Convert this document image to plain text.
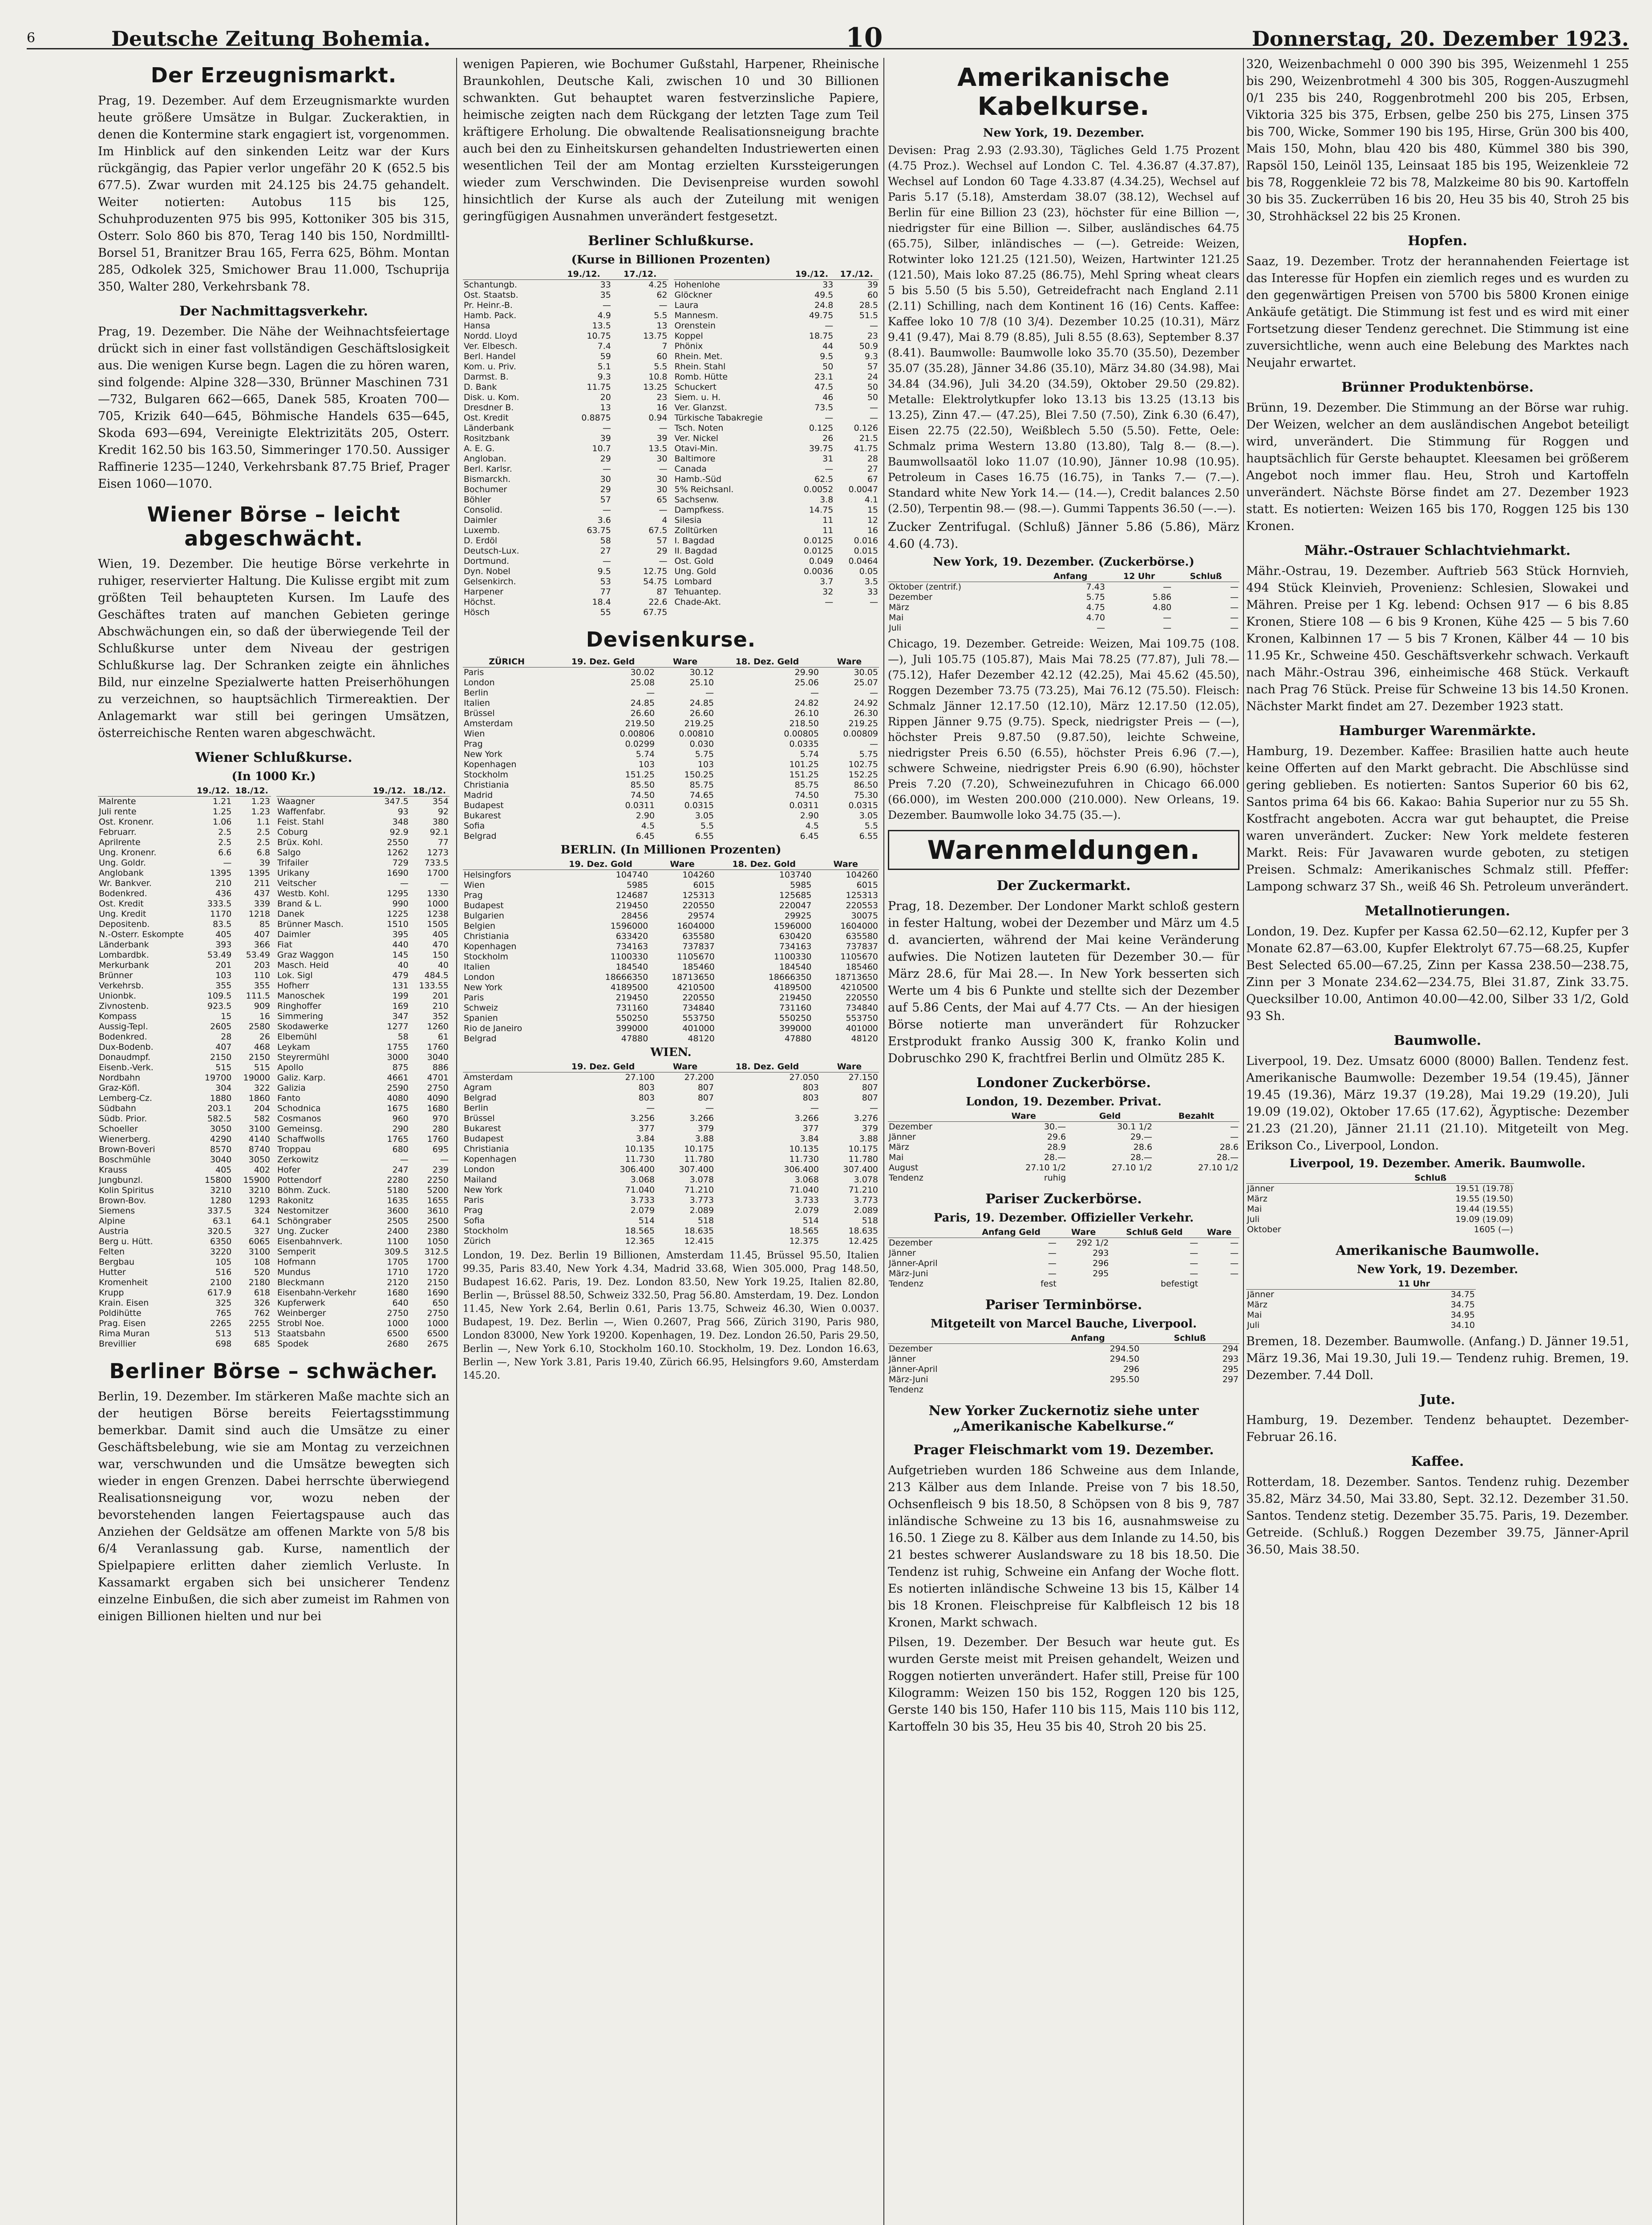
6	Deutsche Zeitung Bohemia.	10	Donnerstag, 20. Dezember 1923.
Der Erzeugnismarkt.

Prag, 19. Dezember. Auf dem Erzeugnismarkte wurden heute größere Umsätze in Bulgar. Zuckeraktien, in denen die Kontermine stark engagiert ist, vorgenommen. Im Hinblick auf den sinkenden Leitz war der Kurs rückgängig, das Papier verlor ungefähr 20 K (652.5 bis 677.5). Zwar wurden mit 24.125 bis 24.75 gehandelt. Weiter notierten: Autobus 115 bis 125, Schuhproduzenten 975 bis 995, Kottoniker 305 bis 315, Osterr. Solo 860 bis 870, Terag 140 bis 150, Nordmilltl-Borsel 51, Branitzer Brau 165, Ferra 625, Böhm. Montan 285, Odkolek 325, Smichower Brau 11.000, Tschuprija 350, Walter 280, Verkehrsbank 78.

Der Nachmittagsverkehr.

Prag, 19. Dezember. Die Nähe der Weihnachtsfeiertage drückt sich in einer fast vollständigen Geschäftslosigkeit aus. Die wenigen Kurse begn. Lagen die zu hören waren, sind folgende: Alpine 328—330, Brünner Maschinen 731—732, Bulgaren 662—665, Danek 585, Kroaten 700—705, Krizik 640—645, Böhmische Handels 635—645, Skoda 693—694, Vereinigte Elektrizitäts 205, Osterr. Kredit 162.50 bis 163.50, Simmeringer 170.50. Aussiger Raffinerie 1235—1240, Verkehrsbank 87.75 Brief, Prager Eisen 1060—1070.

Wiener Börse – leicht abgeschwächt.

Wien, 19. Dezember. Die heutige Börse verkehrte in ruhiger, reservierter Haltung. Die Kulisse ergibt mit zum größten Teil behaupteten Kursen. Im Laufe des Geschäftes traten auf manchen Gebieten geringe Abschwächungen ein, so daß der überwiegende Teil der Schlußkurse unter dem Niveau der gestrigen Schlußkurse lag. Der Schranken zeigte ein ähnliches Bild, nur einzelne Spezialwerte hatten Preiserhöhungen zu verzeichnen, so hauptsächlich Tirmereaktien. Der Anlagemarkt war still bei geringen Umsätzen, österreichische Renten waren abgeschwächt.

Wiener Schlußkurse.
(In 1000 Kr.)
	19./12.	18./12.
Malrente	1.21	1.23
Juli rente	1.25	1.23
Ost. Kronenr.	1.06	1.1
Februarr.	2.5	2.5
Aprilrente	2.5	2.5
Ung. Kronenr.	6.6	6.8
Ung. Goldr.	—	39
Anglobank	1395	1395
Wr. Bankver.	210	211
Bodenkred.	436	437
Ost. Kredit	333.5	339
Ung. Kredit	1170	1218
Depositenb.	83.5	85
N.-Osterr. Eskompte	405	407
Länderbank	393	366
Lombardbk.	53.49	53.49
Merkurbank	201	203
Brünner	103	110
Verkehrsb.	355	355
Unionbk.	109.5	111.5
Zivnostenb.	923.5	909
Kompass	15	16
Aussig-Tepl.	2605	2580
Bodenkred.	28	26
Dux-Bodenb.	407	468
Donaudmpf.	2150	2150
Eisenb.-Verk.	515	515
Nordbahn	19700	19000
Graz-Köfl.	304	322
Lemberg-Cz.	1880	1860
Südbahn	203.1	204
Südb. Prior.	582.5	582
Schoeller	3050	3100
Wienerberg.	4290	4140
Brown-Boveri	8570	8740
Boschmühle	3040	3050
Krauss	405	402
Jungbunzl.	15800	15900
Kolin Spiritus	3210	3210
Brown-Bov.	1280	1293
Siemens	337.5	324
Alpine	63.1	64.1
Austria	320.5	327
Berg u. Hütt.	6350	6065
Felten	3220	3100
Bergbau	105	108
Hutter	516	520
Kromenheit	2100	2180
Krupp	617.9	618
Krain. Eisen	325	326
Poldihütte	765	762
Prag. Eisen	2265	2255
Rima Muran	513	513
Brevillier	698	685
	19./12.	18./12.
Waagner	347.5	354
Waffenfabr.	93	92
Feist. Stahl	348	380
Coburg	92.9	92.1
Brüx. Kohl.	2550	77
Salgo	1262	1273
Trifailer	729	733.5
Urikany	1690	1700
Veitscher	—	—
Westb. Kohl.	1295	1330
Brand & L.	990	1000
Danek	1225	1238
Brünner Masch.	1510	1505
Daimler	395	405
Fiat	440	470
Graz Waggon	145	150
Masch. Heid	40	40
Lok. Sigl	479	484.5
Hofherr	131	133.55
Manoschek	199	201
Ringhoffer	169	210
Simmering	347	352
Skodawerke	1277	1260
Elbemühl	58	61
Leykam	1755	1760
Steyrermühl	3000	3040
Apollo	875	886
Galiz. Karp.	4661	4701
Galizia	2590	2750
Fanto	4080	4090
Schodnica	1675	1680
Cosmanos	960	970
Gemeinsg.	290	280
Schaffwolls	1765	1760
Troppau	680	695
Zerkowitz	—	—
Hofer	247	239
Pottendorf	2280	2250
Böhm. Zuck.	5180	5200
Rakonitz	1635	1655
Nestomitzer	3600	3610
Schöngraber	2505	2500
Ung. Zucker	2400	2380
Eisenbahnverk.	1100	1050
Semperit	309.5	312.5
Hofmann	1705	1700
Mundus	1710	1720
Bleckmann	2120	2150
Eisenbahn-Verkehr	1680	1690
Kupferwerk	640	650
Weinberger	2750	2750
Strobl Noe.	1000	1000
Staatsbahn	6500	6500
Spodek	2680	2675
Berliner Börse – schwächer.

Berlin, 19. Dezember. Im stärkeren Maße machte sich an der heutigen Börse bereits Feiertagsstimmung bemerkbar. Damit sind auch die Umsätze zu einer Geschäftsbelebung, wie sie am Montag zu verzeichnen war, verschwunden und die Umsätze bewegten sich wieder in engen Grenzen. Dabei herrschte überwiegend Realisationsneigung vor, wozu neben der bevorstehenden langen Feiertagspause auch das Anziehen der Geldsätze am offenen Markte von 5/8 bis 6/4 Veranlassung gab. Kurse, namentlich der Spielpapiere erlitten daher ziemlich Verluste. In Kassamarkt ergaben sich bei unsicherer Tendenz einzelne Einbußen, die sich aber zumeist im Rahmen von einigen Billionen hielten und nur bei

wenigen Papieren, wie Bochumer Gußstahl, Harpener, Rheinische Braunkohlen, Deutsche Kali, zwischen 10 und 30 Billionen schwankten. Gut behauptet waren festverzinsliche Papiere, heimische zeigten nach dem Rückgang der letzten Tage zum Teil kräftigere Erholung. Die obwaltende Realisationsneigung brachte auch bei den zu Einheitskursen gehandelten Industriewerten einen wesentlichen Teil der am Montag erzielten Kurssteigerungen wieder zum Verschwinden. Die Devisenpreise wurden sowohl hinsichtlich der Kurse als auch der Zuteilung mit wenigen geringfügigen Ausnahmen unverändert festgesetzt.

Berliner Schlußkurse.
(Kurse in Billionen Prozenten)
	19./12.	17./12.
Schantungb.	33	4.25
Ost. Staatsb.	35	62
Pr. Heinr.-B.	—	—
Hamb. Pack.	4.9	5.5
Hansa	13.5	13
Nordd. Lloyd	10.75	13.75
Ver. Elbesch.	7.4	7
Berl. Handel	59	60
Kom. u. Priv.	5.1	5.5
Darmst. B.	9.3	10.8
D. Bank	11.75	13.25
Disk. u. Kom.	20	23
Dresdner B.	13	16
Ost. Kredit	0.8875	0.94
Länderbank	—	—
Rositzbank	39	39
A. E. G.	10.7	13.5
Angloban.	29	30
Berl. Karlsr.	—	—
Bismarckh.	30	30
Bochumer	29	30
Böhler	57	65
Consolid.	—	—
Daimler	3.6	4
Luxemb.	63.75	67.5
D. Erdöl	58	57
Deutsch-Lux.	27	29
Dortmund.	—	—
Dyn. Nobel	9.5	12.75
Gelsenkirch.	53	54.75
Harpener	77	87
Höchst.	18.4	22.6
Hösch	55	67.75
	19./12.	17./12.
Hohenlohe	33	39
Glöckner	49.5	60
Laura	24.8	28.5
Mannesm.	49.75	51.5
Orenstein	—	—
Koppel	18.75	23
Phönix	44	50.9
Rhein. Met.	9.5	9.3
Rhein. Stahl	50	57
Romb. Hütte	23.1	24
Schuckert	47.5	50
Siem. u. H.	46	50
Ver. Glanzst.	73.5	—
Türkische Tabakregie	—	—
Tsch. Noten	0.125	0.126
Ver. Nickel	26	21.5
Otavi-Min.	39.75	41.75
Baltimore	31	28
Canada	—	27
Hamb.-Süd	62.5	67
5% Reichsanl.	0.0052	0.0047
Sachsenw.	3.8	4.1
Dampfkess.	14.75	15
Silesia	11	12
Zolltürken	11	16
I. Bagdad	0.0125	0.016
II. Bagdad	0.0125	0.015
Ost. Gold	0.049	0.0464
Ung. Gold	0.0036	0.05
Lombard	3.7	3.5
Tehuantep.	32	33
Chade-Akt.	—	—
Devisenkurse.
ZÜRICH	19. Dez. Geld	Ware	18. Dez. Geld	Ware
Paris	30.02	30.12	29.90	30.05
London	25.08	25.10	25.06	25.07
Berlin	—	—	—	—
Italien	24.85	24.85	24.82	24.92
Brüssel	26.60	26.60	26.10	26.30
Amsterdam	219.50	219.25	218.50	219.25
Wien	0.00806	0.00810	0.00805	0.00809
Prag	0.0299	0.030	0.0335	—
New York	5.74	5.75	5.74	5.75
Kopenhagen	103	103	101.25	102.75
Stockholm	151.25	150.25	151.25	152.25
Christiania	85.50	85.75	85.75	86.50
Madrid	74.50	74.65	74.50	75.30
Budapest	0.0311	0.0315	0.0311	0.0315
Bukarest	2.90	3.05	2.90	3.05
Sofia	4.5	5.5	4.5	5.5
Belgrad	6.45	6.55	6.45	6.55
BERLIN. (In Millionen Prozenten)
	19. Dez. Gold	Ware	18. Dez. Gold	Ware
Helsingfors	104740	104260	103740	104260
Wien	5985	6015	5985	6015
Prag	124687	125313	125685	125313
Budapest	219450	220550	220047	220553
Bulgarien	28456	29574	29925	30075
Belgien	1596000	1604000	1596000	1604000
Christiania	633420	635580	630420	635580
Kopenhagen	734163	737837	734163	737837
Stockholm	1100330	1105670	1100330	1105670
Italien	184540	185460	184540	185460
London	18666350	18713650	18666350	18713650
New York	4189500	4210500	4189500	4210500
Paris	219450	220550	219450	220550
Schweiz	731160	734840	731160	734840
Spanien	550250	553750	550250	553750
Rio de Janeiro	399000	401000	399000	401000
Belgrad	47880	48120	47880	48120
WIEN.
	19. Dez. Geld	Ware	18. Dez. Geld	Ware
Amsterdam	27.100	27.200	27.050	27.150
Agram	803	807	803	807
Belgrad	803	807	803	807
Berlin	—	—	—	—
Brüssel	3.256	3.266	3.266	3.276
Bukarest	377	379	377	379
Budapest	3.84	3.88	3.84	3.88
Christiania	10.135	10.175	10.135	10.175
Kopenhagen	11.730	11.780	11.730	11.780
London	306.400	307.400	306.400	307.400
Mailand	3.068	3.078	3.068	3.078
New York	71.040	71.210	71.040	71.210
Paris	3.733	3.773	3.733	3.773
Prag	2.079	2.089	2.079	2.089
Sofia	514	518	514	518
Stockholm	18.565	18.635	18.565	18.635
Zürich	12.365	12.415	12.375	12.425

London, 19. Dez. Berlin 19 Billionen, Amsterdam 11.45, Brüssel 95.50, Italien 99.35, Paris 83.40, New York 4.34, Madrid 33.68, Wien 305.000, Prag 148.50, Budapest 16.62. Paris, 19. Dez. London 83.50, New York 19.25, Italien 82.80, Berlin —, Brüssel 88.50, Schweiz 332.50, Prag 56.80. Amsterdam, 19. Dez. London 11.45, New York 2.64, Berlin 0.61, Paris 13.75, Schweiz 46.30, Wien 0.0037. Budapest, 19. Dez. Berlin —, Wien 0.2607, Prag 566, Zürich 3190, Paris 980, London 83000, New York 19200. Kopenhagen, 19. Dez. London 26.50, Paris 29.50, Berlin —, New York 6.10, Stockholm 160.10. Stockholm, 19. Dez. London 16.63, Berlin —, New York 3.81, Paris 19.40, Zürich 66.95, Helsingfors 9.60, Amsterdam 145.20.

Amerikanische Kabelkurse.
New York, 19. Dezember.

Devisen: Prag 2.93 (2.93.30), Tägliches Geld 1.75 Prozent (4.75 Proz.). Wechsel auf London C. Tel. 4.36.87 (4.37.87), Wechsel auf London 60 Tage 4.33.87 (4.34.25), Wechsel auf Paris 5.17 (5.18), Amsterdam 38.07 (38.12), Wechsel auf Berlin für eine Billion 23 (23), höchster für eine Billion —, niedrigster für eine Billion —. Silber, ausländisches 64.75 (65.75), Silber, inländisches — (—). Getreide: Weizen, Rotwinter loko 121.25 (121.50), Weizen, Hartwinter 121.25 (121.50), Mais loko 87.25 (86.75), Mehl Spring wheat clears 5 bis 5.50 (5 bis 5.50), Getreidefracht nach England 2.11 (2.11) Schilling, nach dem Kontinent 16 (16) Cents. Kaffee: Kaffee loko 10 7/8 (10 3/4). Dezember 10.25 (10.31), März 9.41 (9.47), Mai 8.79 (8.85), Juli 8.55 (8.63), September 8.37 (8.41). Baumwolle: Baumwolle loko 35.70 (35.50), Dezember 35.07 (35.28), Jänner 34.86 (35.10), März 34.80 (34.98), Mai 34.84 (34.96), Juli 34.20 (34.59), Oktober 29.50 (29.82). Metalle: Elektrolytkupfer loko 13.13 bis 13.25 (13.13 bis 13.25), Zinn 47.— (47.25), Blei 7.50 (7.50), Zink 6.30 (6.47), Eisen 22.75 (22.50), Weißblech 5.50 (5.50). Fette, Oele: Schmalz prima Western 13.80 (13.80), Talg 8.— (8.—). Baumwollsaatöl loko 11.07 (10.90), Jänner 10.98 (10.95). Petroleum in Cases 16.75 (16.75), in Tanks 7.— (7.—). Standard white New York 14.— (14.—), Credit balances 2.50 (2.50), Terpentin 98.— (98.—). Gummi Tappents 36.50 (—.—).

Zucker Zentrifugal. (Schluß) Jänner 5.86 (5.86), März 4.60 (4.73).

New York, 19. Dezember. (Zuckerbörse.)
	Anfang	12 Uhr	Schluß
Oktober (zentrif.)	7.43	—	—
Dezember	5.75	5.86	—
März	4.75	4.80	—
Mai	4.70	—	—
Juli	—	—	—

Chicago, 19. Dezember. Getreide: Weizen, Mai 109.75 (108.—), Juli 105.75 (105.87), Mais Mai 78.25 (77.87), Juli 78.— (75.12), Hafer Dezember 42.12 (42.25), Mai 45.62 (45.50), Roggen Dezember 73.75 (73.25), Mai 76.12 (75.50). Fleisch: Schmalz Jänner 12.17.50 (12.10), März 12.17.50 (12.05), Rippen Jänner 9.75 (9.75). Speck, niedrigster Preis — (—), höchster Preis 9.87.50 (9.87.50), leichte Schweine, niedrigster Preis 6.50 (6.55), höchster Preis 6.96 (7.—), schwere Schweine, niedrigster Preis 6.90 (6.90), höchster Preis 7.20 (7.20), Schweinezufuhren in Chicago 66.000 (66.000), im Westen 200.000 (210.000). New Orleans, 19. Dezember. Baumwolle loko 34.75 (35.—).

Warenmeldungen.
Der Zuckermarkt.

Prag, 18. Dezember. Der Londoner Markt schloß gestern in fester Haltung, wobei der Dezember und März um 4.5 d. avancierten, während der Mai keine Veränderung aufwies. Die Notizen lauteten für Dezember 30.— für März 28.6, für Mai 28.—. In New York besserten sich Werte um 4 bis 6 Punkte und stellte sich der Dezember auf 5.86 Cents, der Mai auf 4.77 Cts. — An der hiesigen Börse notierte man unverändert für Rohzucker Erstprodukt franko Aussig 300 K, franko Kolin und Dobruschko 290 K, frachtfrei Berlin und Olmütz 285 K.

Londoner Zuckerbörse.
London, 19. Dezember. Privat.
	Ware	Geld	Bezahlt
Dezember	30.—	30.1 1/2	—
Jänner	29.6	29.—	—
März	28.9	28.6	28.6
Mai	28.—	28.—	28.—
August	27.10 1/2	27.10 1/2	27.10 1/2
Tendenz	ruhig		
Pariser Zuckerbörse.
Paris, 19. Dezember. Offizieller Verkehr.
	Anfang Geld	Ware	Schluß Geld	Ware
Dezember	—	292 1/2	—	—
Jänner	—	293	—	—
Jänner-April	—	296	—	—
März-Juni	—	295	—	—
Tendenz	fest		befestigt	
Pariser Terminbörse.
Mitgeteilt von Marcel Bauche, Liverpool.
	Anfang	Schluß
Dezember	294.50	294
Jänner	294.50	293
Jänner-April	296	295
März-Juni	295.50	297
Tendenz		
New Yorker Zuckernotiz siehe unter „Amerikanische Kabelkurse.“
Prager Fleischmarkt vom 19. Dezember.

Aufgetrieben wurden 186 Schweine aus dem Inlande, 213 Kälber aus dem Inlande. Preise von 7 bis 18.50, Ochsenfleisch 9 bis 18.50, 8 Schöpsen von 8 bis 9, 787 inländische Schweine zu 13 bis 16, ausnahmsweise zu 16.50. 1 Ziege zu 8. Kälber aus dem Inlande zu 14.50, bis 21 bestes schwerer Auslandsware zu 18 bis 18.50. Die Tendenz ist ruhig, Schweine ein Anfang der Woche flott. Es notierten inländische Schweine 13 bis 15, Kälber 14 bis 18 Kronen. Fleischpreise für Kalbfleisch 12 bis 18 Kronen, Markt schwach.

Pilsen, 19. Dezember. Der Besuch war heute gut. Es wurden Gerste meist mit Preisen gehandelt, Weizen und Roggen notierten unverändert. Hafer still, Preise für 100 Kilogramm: Weizen 150 bis 152, Roggen 120 bis 125, Gerste 140 bis 150, Hafer 110 bis 115, Mais 110 bis 112, Kartoffeln 30 bis 35, Heu 35 bis 40, Stroh 20 bis 25.

320, Weizenbachmehl 0 000 390 bis 395, Weizenmehl 1 255 bis 290, Weizenbrotmehl 4 300 bis 305, Roggen-Auszugmehl 0/1 235 bis 240, Roggenbrotmehl 200 bis 205, Erbsen, Viktoria 325 bis 375, Erbsen, gelbe 250 bis 275, Linsen 375 bis 700, Wicke, Sommer 190 bis 195, Hirse, Grün 300 bis 400, Mais 150, Mohn, blau 420 bis 480, Kümmel 380 bis 390, Rapsöl 150, Leinöl 135, Leinsaat 185 bis 195, Weizenkleie 72 bis 78, Roggenkleie 72 bis 78, Malzkeime 80 bis 90. Kartoffeln 30 bis 35. Zuckerrüben 16 bis 20, Heu 35 bis 40, Stroh 25 bis 30, Strohhäcksel 22 bis 25 Kronen.

Hopfen.

Saaz, 19. Dezember. Trotz der herannahenden Feiertage ist das Interesse für Hopfen ein ziemlich reges und es wurden zu den gegenwärtigen Preisen von 5700 bis 5800 Kronen einige Ankäufe getätigt. Die Stimmung ist fest und es wird mit einer Fortsetzung dieser Tendenz gerechnet. Die Stimmung ist eine zuversichtliche, wenn auch eine Belebung des Marktes nach Neujahr erwartet.

Brünner Produktenbörse.

Brünn, 19. Dezember. Die Stimmung an der Börse war ruhig. Der Weizen, welcher an dem ausländischen Angebot beteiligt wird, unverändert. Die Stimmung für Roggen und hauptsächlich für Gerste behauptet. Kleesamen bei größerem Angebot noch immer flau. Heu, Stroh und Kartoffeln unverändert. Nächste Börse findet am 27. Dezember 1923 statt. Es notierten: Weizen 165 bis 170, Roggen 125 bis 130 Kronen.

Mähr.-Ostrauer Schlachtviehmarkt.

Mähr.-Ostrau, 19. Dezember. Auftrieb 563 Stück Hornvieh, 494 Stück Kleinvieh, Provenienz: Schlesien, Slowakei und Mähren. Preise per 1 Kg. lebend: Ochsen 917 — 6 bis 8.85 Kronen, Stiere 108 — 6 bis 9 Kronen, Kühe 425 — 5 bis 7.60 Kronen, Kalbinnen 17 — 5 bis 7 Kronen, Kälber 44 — 10 bis 11.95 Kr., Schweine 450. Geschäftsverkehr schwach. Verkauft nach Mähr.-Ostrau 396, einheimische 468 Stück. Verkauft nach Prag 76 Stück. Preise für Schweine 13 bis 14.50 Kronen. Nächster Markt findet am 27. Dezember 1923 statt.

Hamburger Warenmärkte.

Hamburg, 19. Dezember. Kaffee: Brasilien hatte auch heute keine Offerten auf den Markt gebracht. Die Abschlüsse sind gering geblieben. Es notierten: Santos Superior 60 bis 62, Santos prima 64 bis 66. Kakao: Bahia Superior nur zu 55 Sh. Kostfracht angeboten. Accra war gut behauptet, die Preise waren unverändert. Zucker: New York meldete festeren Markt. Reis: Für Javawaren wurde geboten, zu stetigen Preisen. Schmalz: Amerikanisches Schmalz still. Pfeffer: Lampong schwarz 37 Sh., weiß 46 Sh. Petroleum unverändert.

Metallnotierungen.

London, 19. Dez. Kupfer per Kassa 62.50—62.12, Kupfer per 3 Monate 62.87—63.00, Kupfer Elektrolyt 67.75—68.25, Kupfer Best Selected 65.00—67.25, Zinn per Kassa 238.50—238.75, Zinn per 3 Monate 234.62—234.75, Blei 31.87, Zink 33.75. Quecksilber 10.00, Antimon 40.00—42.00, Silber 33 1/2, Gold 93 Sh.

Baumwolle.

Liverpool, 19. Dez. Umsatz 6000 (8000) Ballen. Tendenz fest. Amerikanische Baumwolle: Dezember 19.54 (19.45), Jänner 19.45 (19.36), März 19.37 (19.28), Mai 19.29 (19.20), Juli 19.09 (19.02), Oktober 17.65 (17.62), Ägyptische: Dezember 21.23 (21.20), Jänner 21.11 (21.10). Mitgeteilt von Meg. Erikson Co., Liverpool, London.

Liverpool, 19. Dezember. Amerik. Baumwolle.
	Schluß
Jänner	19.51 (19.78)
März	19.55 (19.50)
Mai	19.44 (19.55)
Juli	19.09 (19.09)
Oktober	1605 (—)
Amerikanische Baumwolle.
New York, 19. Dezember.
	11 Uhr
Jänner	34.75
März	34.75
Mai	34.95
Juli	34.10

Bremen, 18. Dezember. Baumwolle. (Anfang.) D. Jänner 19.51, März 19.36, Mai 19.30, Juli 19.— Tendenz ruhig. Bremen, 19. Dezember. 7.44 Doll.

Jute.

Hamburg, 19. Dezember. Tendenz behauptet. Dezember-Februar 26.16.

Kaffee.

Rotterdam, 18. Dezember. Santos. Tendenz ruhig. Dezember 35.82, März 34.50, Mai 33.80, Sept. 32.12. Dezember 31.50. Santos. Tendenz stetig. Dezember 35.75. Paris, 19. Dezember. Getreide. (Schluß.) Roggen Dezember 39.75, Jänner-April 36.50, Mais 38.50.
